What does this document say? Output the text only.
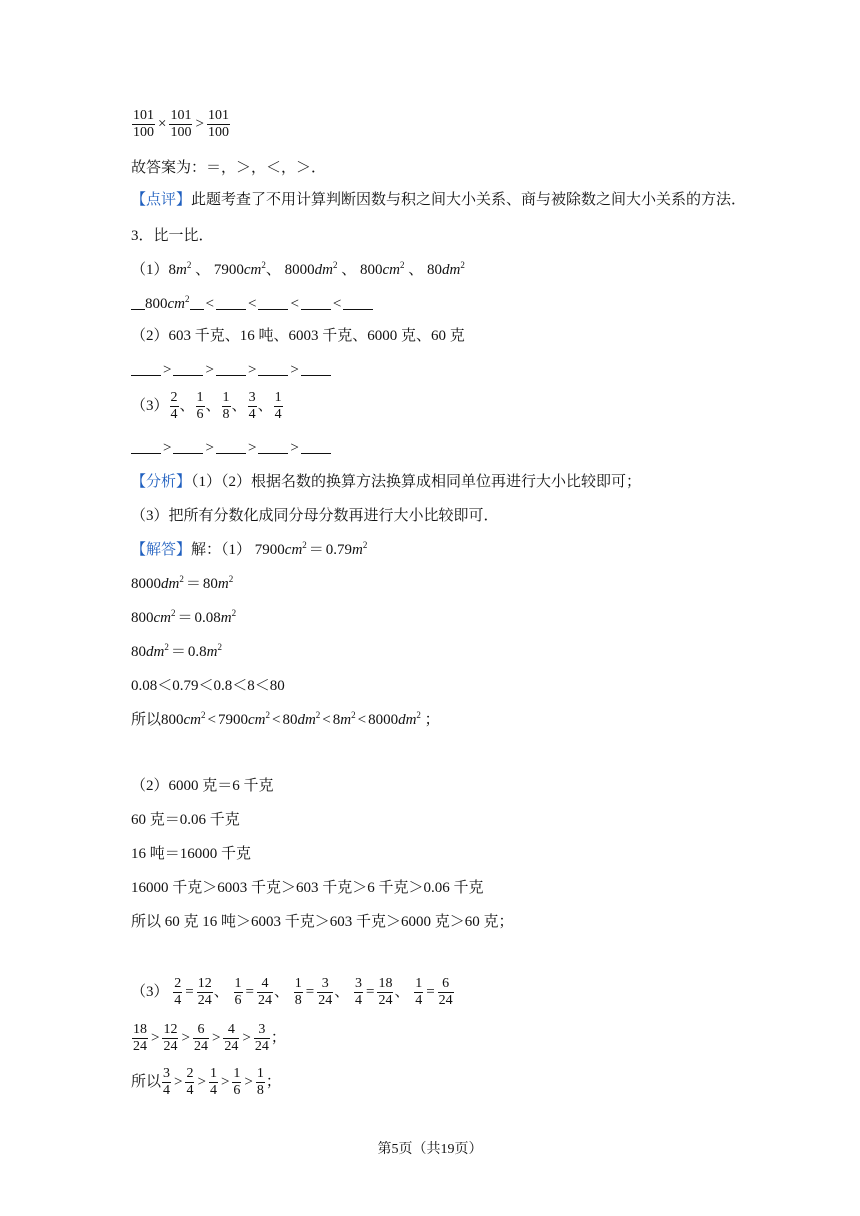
$\frac{101}{100} \times \frac{101}{100} > \frac{101}{100}$
故答案为：＝，＞，＜，＞．
【点评】此题考查了不用计算判断因数与积之间大小关系、商与被除数之间大小关系的方法．
3．比一比．
$(1)8m^2$ 、 $7900cm^2$、 $8000dm^2$ 、 $800cm^2$ 、 $80dm^2$
$800cm^2$ < < < <
（2）603 千克、16 吨、6003 千克、6000 克、60 克
> > > >
$(3) \frac{2}{4}$ 、 $\frac{1}{6}$ 、 $\frac{1}{8}$ 、 $\frac{3}{4}$ 、 $\frac{1}{4}$
> > > >
【分析】（1）（2）根据名数的换算方法换算成相同单位再进行大小比较即可；
（3）把所有分数化成同分母分数再进行大小比较即可．
【解答】解：（1） $7900cm^2 = 0.79m^2$
$8000dm^2 = 80m^2$
$800cm^2 = 0.08m^2$
$80dm^2 = 0.8m^2$
0.08＜0.79＜0.8＜8＜80
所以$800cm^2 < 7900cm^2 < 80dm^2 < 8m^2 < 8000dm^2$ ；
（2）6000 克＝6 千克
60 克＝0.06 千克
16 吨＝16000 千克
16000 千克＞6003 千克＞603 千克＞6 千克＞0.06 千克
所以 60 克 16 吨＞6003 千克＞603 千克＞6000 克＞60 克；
$(3) \frac{2}{4} = \frac{12}{24}$ 、 $\frac{1}{6} = \frac{4}{24}$ 、 $\frac{1}{8} = \frac{3}{24}$ 、 $\frac{3}{4} = \frac{18}{24}$ 、 $\frac{1}{4} = \frac{6}{24}$
$\frac{18}{24} > \frac{12}{24} > \frac{6}{24} > \frac{4}{24} > \frac{3}{24}$ ；
所以 $\frac{3}{4} > \frac{2}{4} > \frac{1}{4} > \frac{1}{6} > \frac{1}{8}$ ；
第5页（共19页）
